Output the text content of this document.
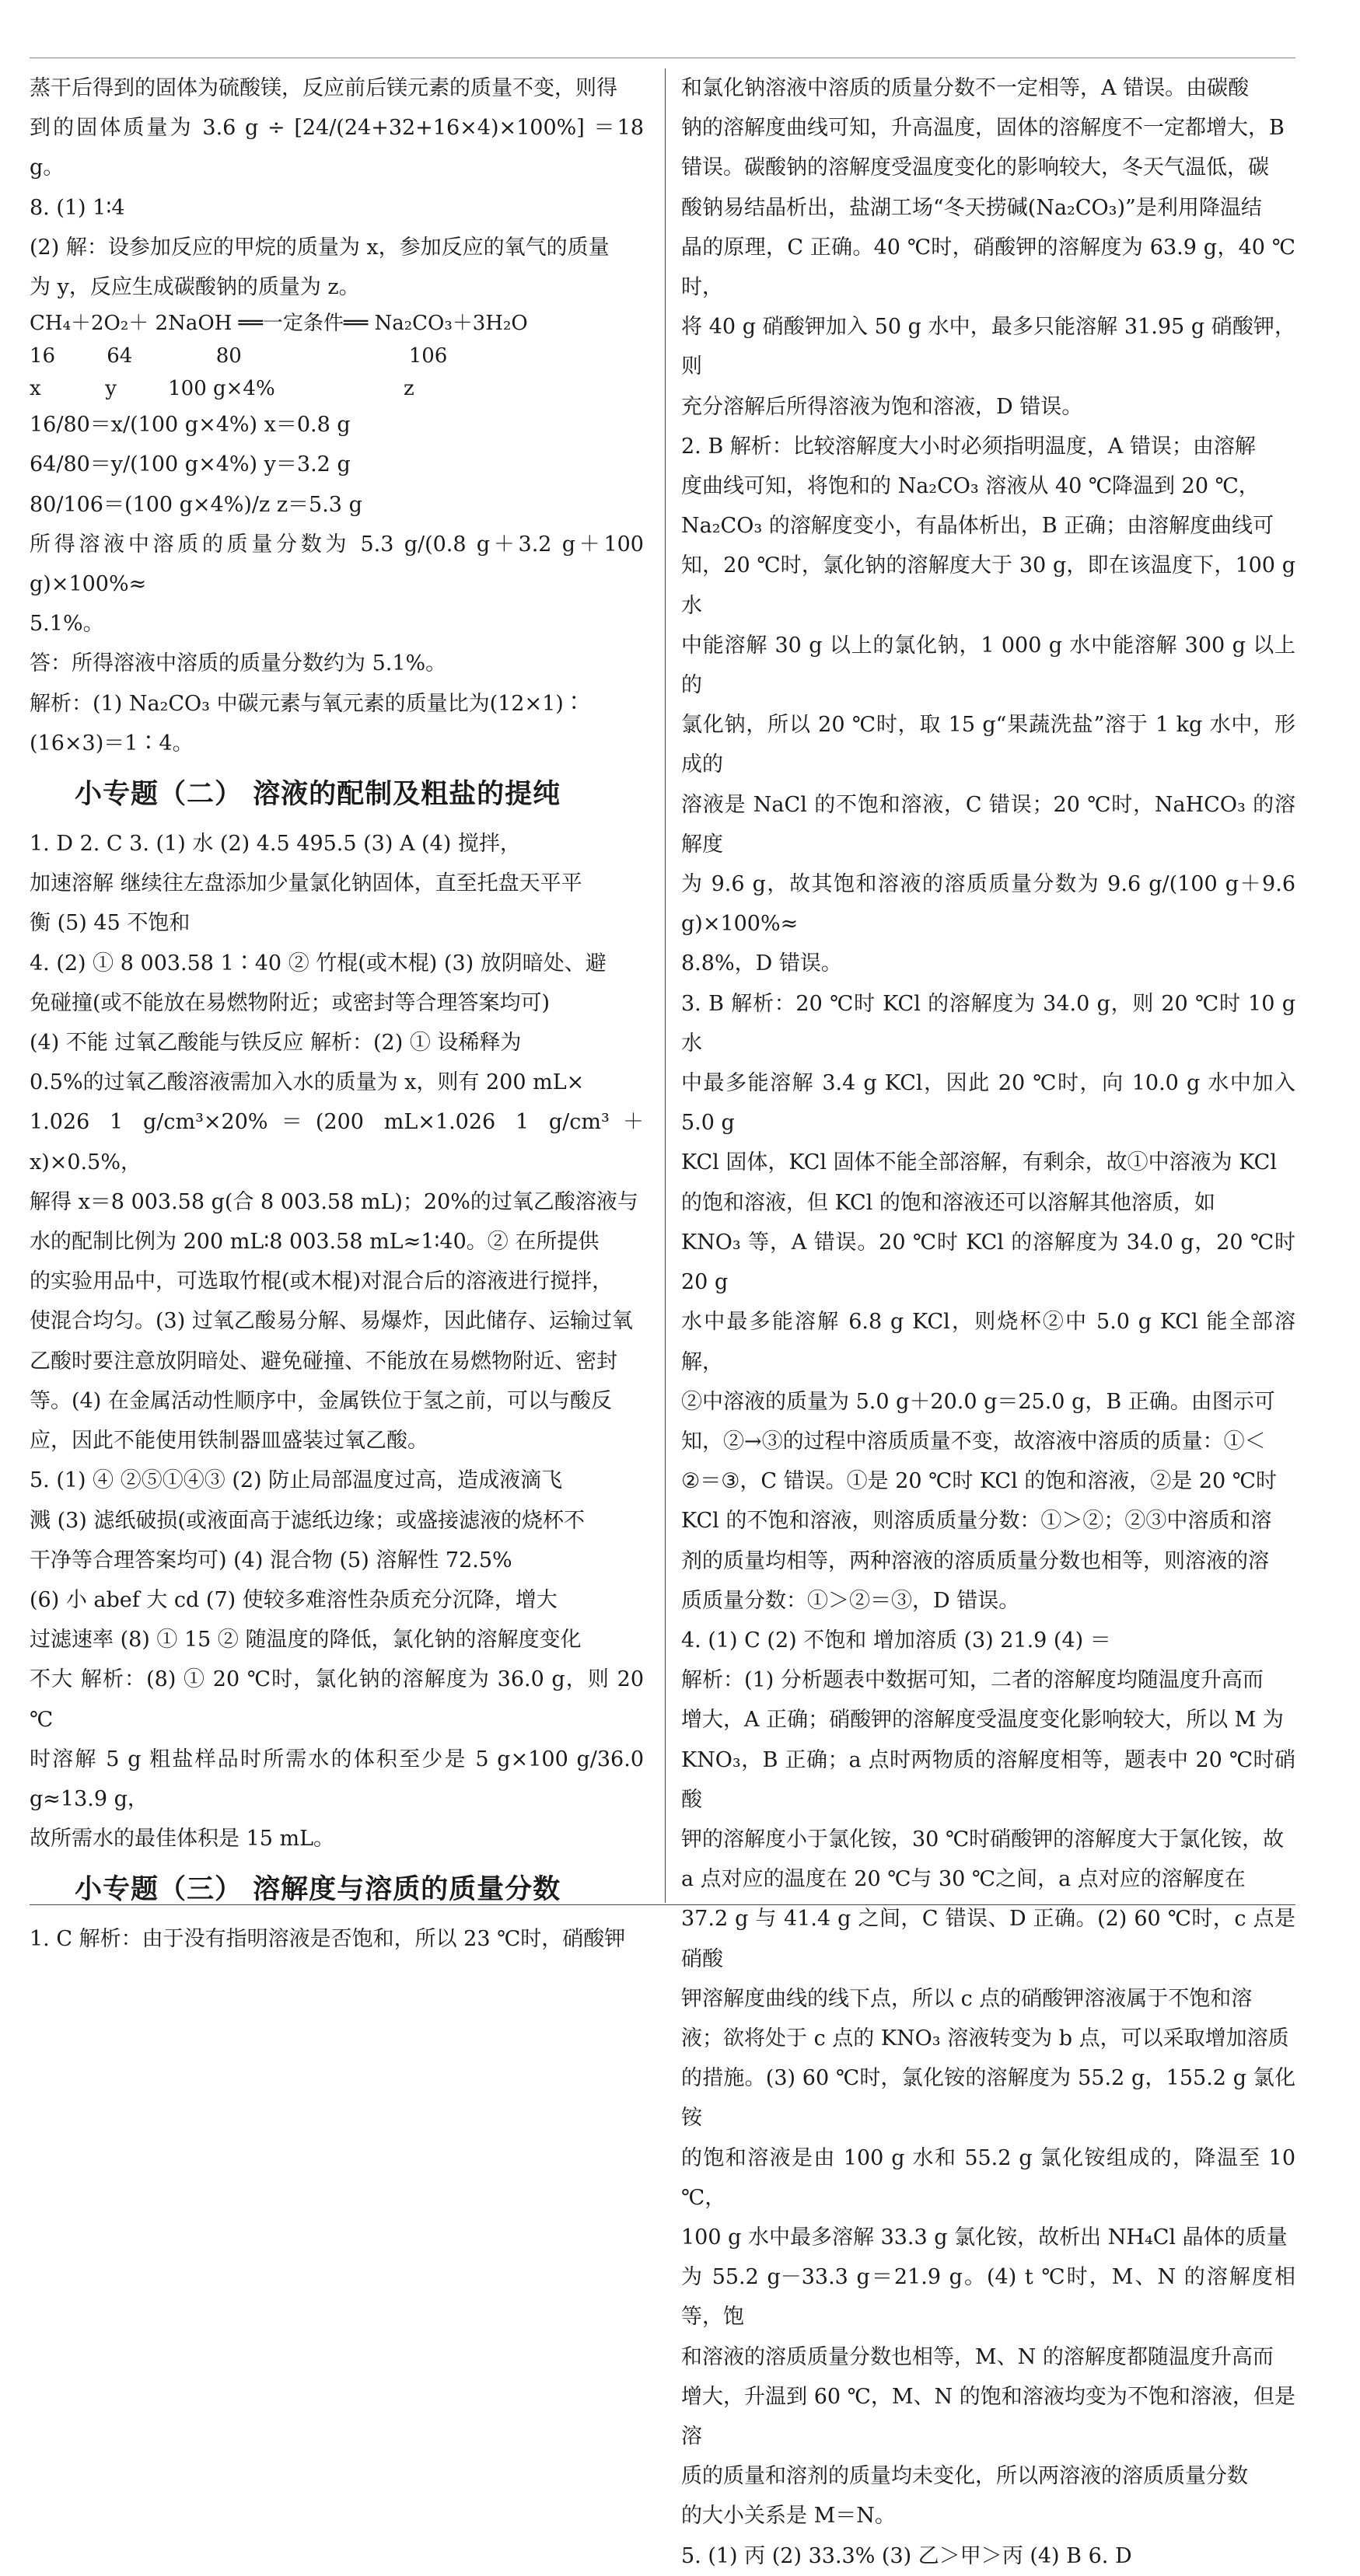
蒸干后得到的固体为硫酸镁，反应前后镁元素的质量不变，则得

到的固体质量为 3.6 g ÷ [24/(24+32+16×4)×100%] ＝18 g。

8. (1) 1∶4

(2) 解：设参加反应的甲烷的质量为 x，参加反应的氧气的质量

为 y，反应生成碳酸钠的质量为 z。

CH₄＋2O₂＋ 2NaOH ══一定条件══ Na₂CO₃＋3H₂O

16        64             80                          106

x          y        100 g×4%                    z

16/80＝x/(100 g×4%) x＝0.8 g

64/80＝y/(100 g×4%) y＝3.2 g

80/106＝(100 g×4%)/z z＝5.3 g

所得溶液中溶质的质量分数为 5.3 g/(0.8 g＋3.2 g＋100 g)×100%≈

5.1%。

答：所得溶液中溶质的质量分数约为 5.1%。

解析：(1) Na₂CO₃ 中碳元素与氧元素的质量比为(12×1)∶

(16×3)＝1∶4。

小专题（二） 溶液的配制及粗盐的提纯

1. D 2. C 3. (1) 水 (2) 4.5 495.5 (3) A (4) 搅拌，

加速溶解 继续往左盘添加少量氯化钠固体，直至托盘天平平

衡 (5) 45 不饱和

4. (2) ① 8 003.58 1∶40 ② 竹棍(或木棍) (3) 放阴暗处、避

免碰撞(或不能放在易燃物附近；或密封等合理答案均可)

(4) 不能 过氧乙酸能与铁反应 解析：(2) ① 设稀释为

0.5%的过氧乙酸溶液需加入水的质量为 x，则有 200 mL×

1.026 1 g/cm³×20%＝(200 mL×1.026 1 g/cm³＋x)×0.5%，

解得 x＝8 003.58 g(合 8 003.58 mL)；20%的过氧乙酸溶液与

水的配制比例为 200 mL∶8 003.58 mL≈1∶40。② 在所提供

的实验用品中，可选取竹棍(或木棍)对混合后的溶液进行搅拌，

使混合均匀。(3) 过氧乙酸易分解、易爆炸，因此储存、运输过氧

乙酸时要注意放阴暗处、避免碰撞、不能放在易燃物附近、密封

等。(4) 在金属活动性顺序中，金属铁位于氢之前，可以与酸反

应，因此不能使用铁制器皿盛装过氧乙酸。

5. (1) ④ ②⑤①④③ (2) 防止局部温度过高，造成液滴飞

溅 (3) 滤纸破损(或液面高于滤纸边缘；或盛接滤液的烧杯不

干净等合理答案均可) (4) 混合物 (5) 溶解性 72.5%

(6) 小 abef 大 cd (7) 使较多难溶性杂质充分沉降，增大

过滤速率 (8) ① 15 ② 随温度的降低，氯化钠的溶解度变化

不大 解析：(8) ① 20 ℃时，氯化钠的溶解度为 36.0 g，则 20 ℃

时溶解 5 g 粗盐样品时所需水的体积至少是 5 g×100 g/36.0 g≈13.9 g，

故所需水的最佳体积是 15 mL。

小专题（三） 溶解度与溶质的质量分数

1. C 解析：由于没有指明溶液是否饱和，所以 23 ℃时，硝酸钾

和氯化钠溶液中溶质的质量分数不一定相等，A 错误。由碳酸

钠的溶解度曲线可知，升高温度，固体的溶解度不一定都增大，B

错误。碳酸钠的溶解度受温度变化的影响较大，冬天气温低，碳

酸钠易结晶析出，盐湖工场“冬天捞碱(Na₂CO₃)”是利用降温结

晶的原理，C 正确。40 ℃时，硝酸钾的溶解度为 63.9 g，40 ℃时，

将 40 g 硝酸钾加入 50 g 水中，最多只能溶解 31.95 g 硝酸钾，则

充分溶解后所得溶液为饱和溶液，D 错误。

2. B 解析：比较溶解度大小时必须指明温度，A 错误；由溶解

度曲线可知，将饱和的 Na₂CO₃ 溶液从 40 ℃降温到 20 ℃，

Na₂CO₃ 的溶解度变小，有晶体析出，B 正确；由溶解度曲线可

知，20 ℃时，氯化钠的溶解度大于 30 g，即在该温度下，100 g 水

中能溶解 30 g 以上的氯化钠，1 000 g 水中能溶解 300 g 以上的

氯化钠，所以 20 ℃时，取 15 g“果蔬洗盐”溶于 1 kg 水中，形成的

溶液是 NaCl 的不饱和溶液，C 错误；20 ℃时，NaHCO₃ 的溶解度

为 9.6 g，故其饱和溶液的溶质质量分数为 9.6 g/(100 g＋9.6 g)×100%≈

8.8%，D 错误。

3. B 解析：20 ℃时 KCl 的溶解度为 34.0 g，则 20 ℃时 10 g 水

中最多能溶解 3.4 g KCl，因此 20 ℃时，向 10.0 g 水中加入 5.0 g

KCl 固体，KCl 固体不能全部溶解，有剩余，故①中溶液为 KCl

的饱和溶液，但 KCl 的饱和溶液还可以溶解其他溶质，如

KNO₃ 等，A 错误。20 ℃时 KCl 的溶解度为 34.0 g，20 ℃时 20 g

水中最多能溶解 6.8 g KCl，则烧杯②中 5.0 g KCl 能全部溶解，

②中溶液的质量为 5.0 g＋20.0 g＝25.0 g，B 正确。由图示可

知，②→③的过程中溶质质量不变，故溶液中溶质的质量：①＜

②＝③，C 错误。①是 20 ℃时 KCl 的饱和溶液，②是 20 ℃时

KCl 的不饱和溶液，则溶质质量分数：①＞②；②③中溶质和溶

剂的质量均相等，两种溶液的溶质质量分数也相等，则溶液的溶

质质量分数：①＞②＝③，D 错误。

4. (1) C (2) 不饱和 增加溶质 (3) 21.9 (4) ＝

解析：(1) 分析题表中数据可知，二者的溶解度均随温度升高而

增大，A 正确；硝酸钾的溶解度受温度变化影响较大，所以 M 为

KNO₃，B 正确；a 点时两物质的溶解度相等，题表中 20 ℃时硝酸

钾的溶解度小于氯化铵，30 ℃时硝酸钾的溶解度大于氯化铵，故

a 点对应的温度在 20 ℃与 30 ℃之间，a 点对应的溶解度在

37.2 g 与 41.4 g 之间，C 错误、D 正确。(2) 60 ℃时，c 点是硝酸

钾溶解度曲线的线下点，所以 c 点的硝酸钾溶液属于不饱和溶

液；欲将处于 c 点的 KNO₃ 溶液转变为 b 点，可以采取增加溶质

的措施。(3) 60 ℃时，氯化铵的溶解度为 55.2 g，155.2 g 氯化铵

的饱和溶液是由 100 g 水和 55.2 g 氯化铵组成的，降温至 10 ℃，

100 g 水中最多溶解 33.3 g 氯化铵，故析出 NH₄Cl 晶体的质量

为 55.2 g－33.3 g＝21.9 g。(4) t ℃时，M、N 的溶解度相等，饱

和溶液的溶质质量分数也相等，M、N 的溶解度都随温度升高而

增大，升温到 60 ℃，M、N 的饱和溶液均变为不饱和溶液，但是溶

质的质量和溶剂的质量均未变化，所以两溶液的溶质质量分数

的大小关系是 M＝N。

5. (1) 丙 (2) 33.3% (3) 乙＞甲＞丙 (4) B 6. D
